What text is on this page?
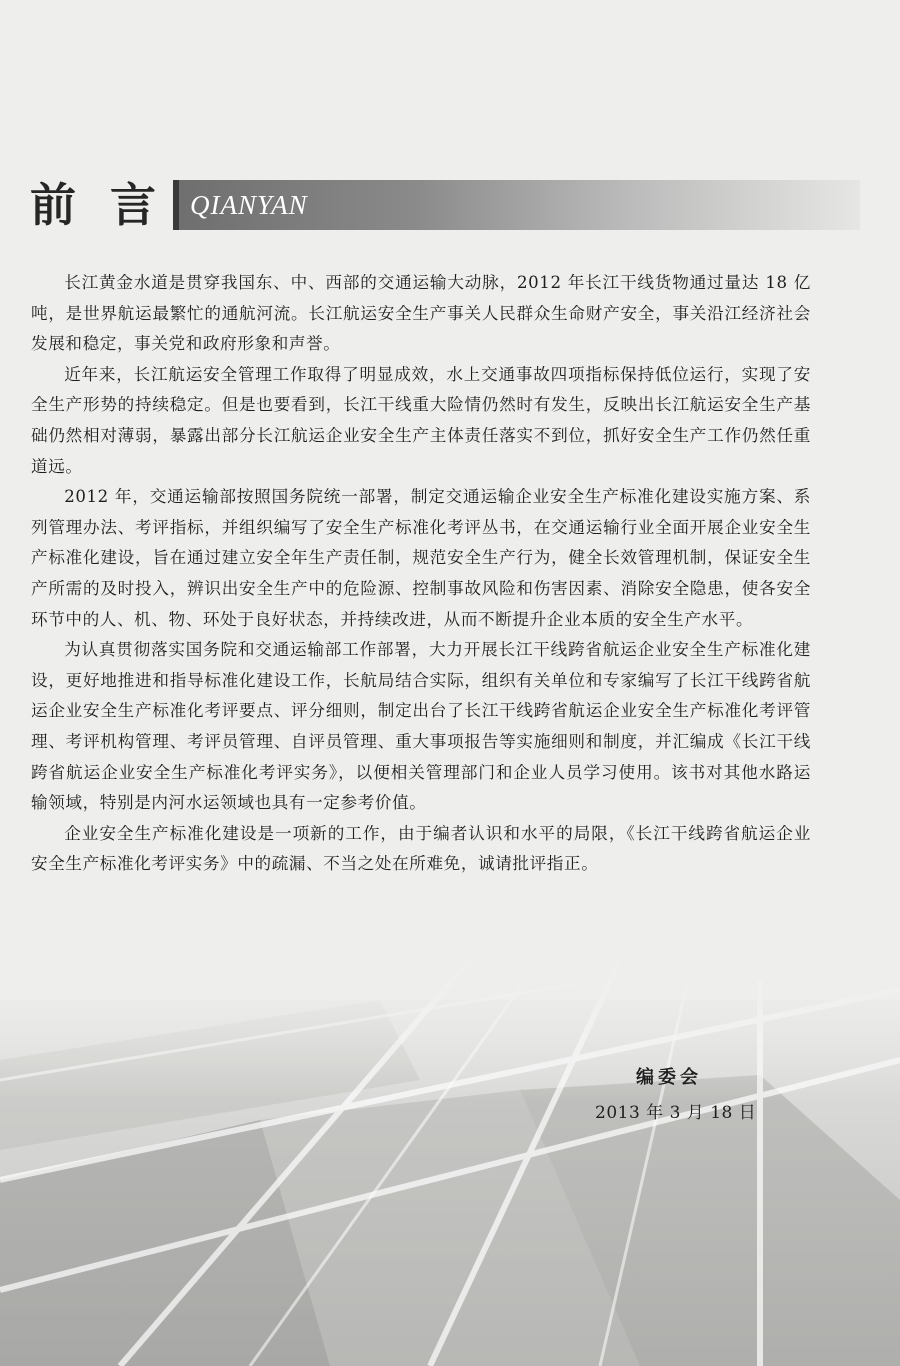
前言 QIANYAN

长江黄金水道是贯穿我国东、中、西部的交通运输大动脉，2012 年长江干线货物通过量达 18 亿吨，是世界航运最繁忙的通航河流。长江航运安全生产事关人民群众生命财产安全，事关沿江经济社会发展和稳定，事关党和政府形象和声誉。

近年来，长江航运安全管理工作取得了明显成效，水上交通事故四项指标保持低位运行，实现了安全生产形势的持续稳定。但是也要看到，长江干线重大险情仍然时有发生，反映出长江航运安全生产基础仍然相对薄弱，暴露出部分长江航运企业安全生产主体责任落实不到位，抓好安全生产工作仍然任重道远。

2012 年，交通运输部按照国务院统一部署，制定交通运输企业安全生产标准化建设实施方案、系列管理办法、考评指标，并组织编写了安全生产标准化考评丛书，在交通运输行业全面开展企业安全生产标准化建设，旨在通过建立安全年生产责任制，规范安全生产行为，健全长效管理机制，保证安全生产所需的及时投入，辨识出安全生产中的危险源、控制事故风险和伤害因素、消除安全隐患，使各安全环节中的人、机、物、环处于良好状态，并持续改进，从而不断提升企业本质的安全生产水平。

为认真贯彻落实国务院和交通运输部工作部署，大力开展长江干线跨省航运企业安全生产标准化建设，更好地推进和指导标准化建设工作，长航局结合实际，组织有关单位和专家编写了长江干线跨省航运企业安全生产标准化考评要点、评分细则，制定出台了长江干线跨省航运企业安全生产标准化考评管理、考评机构管理、考评员管理、自评员管理、重大事项报告等实施细则和制度，并汇编成《长江干线跨省航运企业安全生产标准化考评实务》，以便相关管理部门和企业人员学习使用。该书对其他水路运输领域，特别是内河水运领域也具有一定参考价值。

企业安全生产标准化建设是一项新的工作，由于编者认识和水平的局限，《长江干线跨省航运企业安全生产标准化考评实务》中的疏漏、不当之处在所难免，诚请批评指正。

编委会
2013 年 3 月 18 日
